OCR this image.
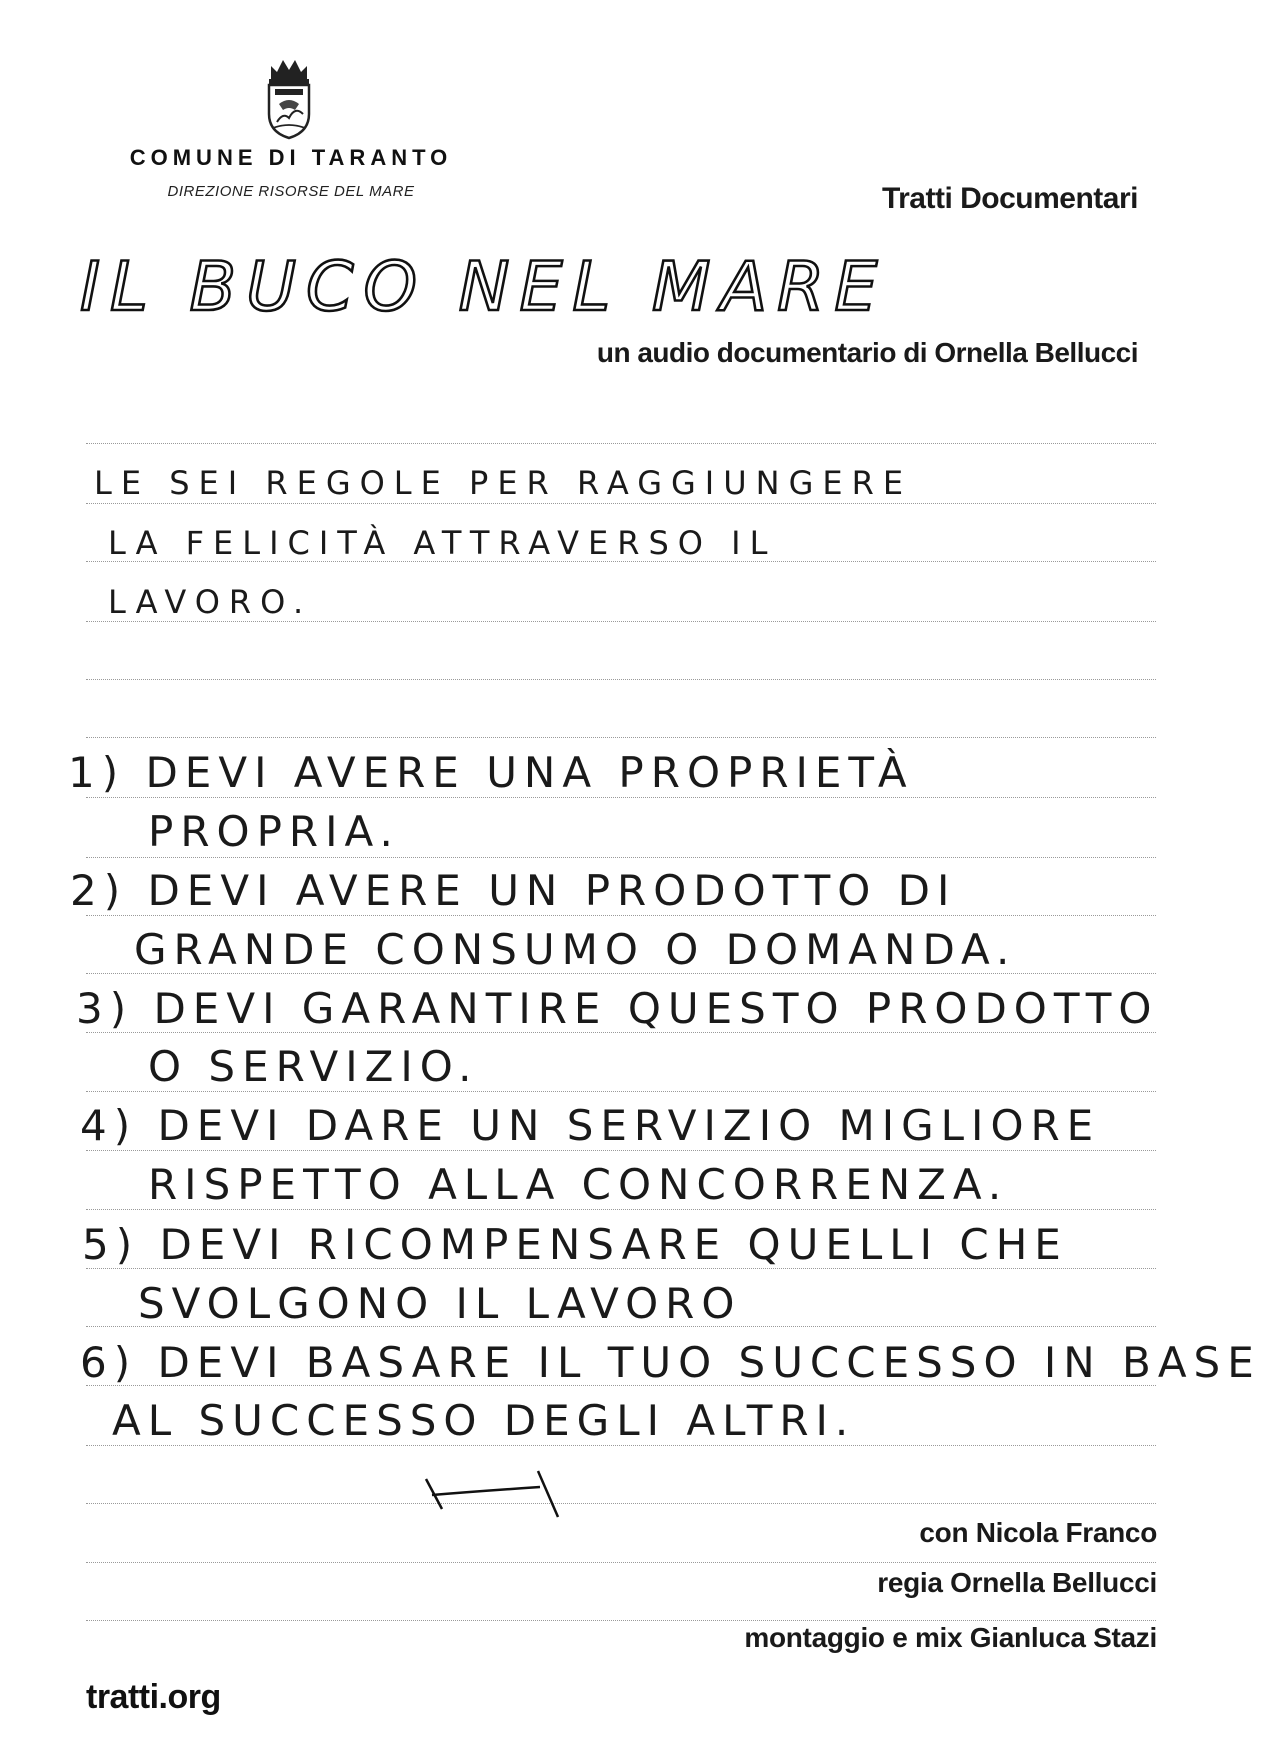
COMUNE DI TARANTO
DIREZIONE RISORSE DEL MARE	Tratti Documentari
IL BUCO NEL MARE
un audio documentario di Ornella Bellucci
LE SEI REGOLE PER RAGGIUNGERE
LA FELICITÀ ATTRAVERSO IL
LAVORO.
1) DEVI AVERE UNA PROPRIETÀ
PROPRIA.
2) DEVI AVERE UN PRODOTTO DI
GRANDE CONSUMO O DOMANDA.
3) DEVI GARANTIRE QUESTO PRODOTTO
O SERVIZIO.
4) DEVI DARE UN SERVIZIO MIGLIORE
RISPETTO ALLA CONCORRENZA.
5) DEVI RICOMPENSARE QUELLI CHE
SVOLGONO IL LAVORO
6) DEVI BASARE IL TUO SUCCESSO IN BASE
AL SUCCESSO DEGLI ALTRI.
con Nicola Franco
regia Ornella Bellucci
montaggio e mix Gianluca Stazi
tratti.org
